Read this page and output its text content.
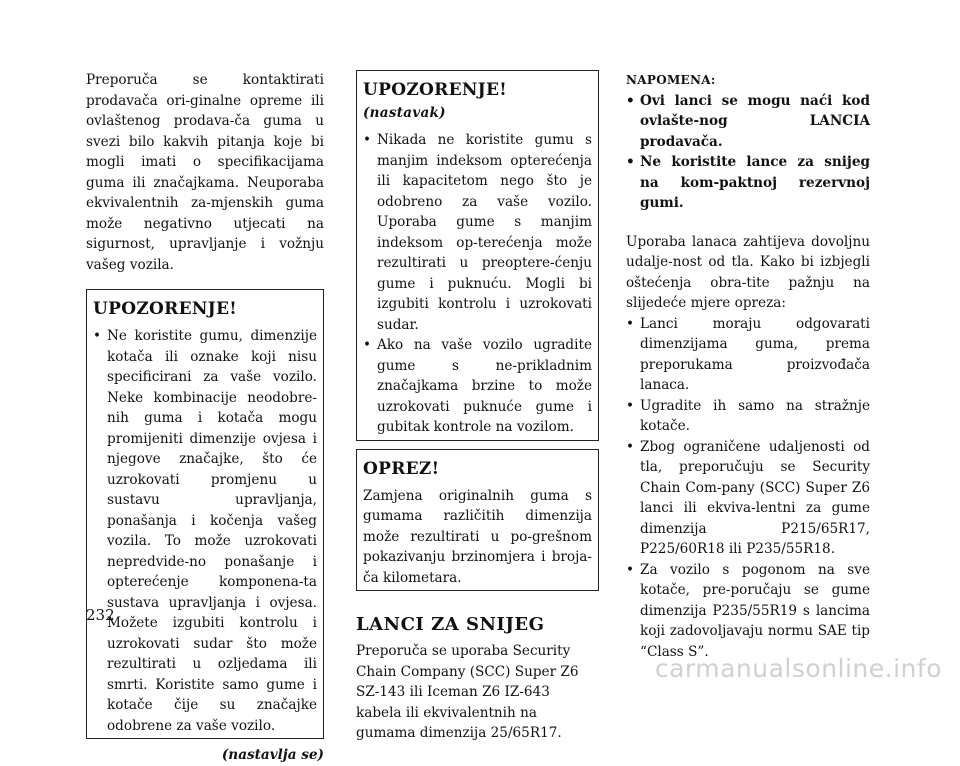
Preporuča se kontaktirati prodavača ori-ginalne opreme ili ovlaštenog prodava-ča guma u svezi bilo kakvih pitanja koje bi mogli imati o specifikacijama guma ili značajkama. Neuporaba ekvivalentnih za-mjenskih guma može negativno utjecati na sigurnost, upravljanje i vožnju vašeg vozila.

UPOZORENJE!
• Ne koristite gumu, dimenzije kotača ili oznake koji nisu specificirani za vaše vozilo. Neke kombinacije neodobre-nih guma i kotača mogu promijeniti dimenzije ovjesa i njegove značajke, što će uzrokovati promjenu u sustavu upravljanja, ponašanja i kočenja vašeg vozila. To može uzrokovati nepredvide-no ponašanje i opterećenje komponena-ta sustava upravljanja i ovjesa. Možete izgubiti kontrolu i uzrokovati sudar što može rezultirati u ozljedama ili smrti. Koristite samo gume i kotače čije su značajke odobrene za vaše vozilo.
(nastavlja se)
UPOZORENJE! (nastavak)
• Nikada ne koristite gumu s manjim indeksom opterećenja ili kapacitetom nego što je odobreno za vaše vozilo. Uporaba gume s manjim indeksom op-terećenja može rezultirati u preoptere-ćenju gume i puknuću. Mogli bi izgubiti kontrolu i uzrokovati sudar.
• Ako na vaše vozilo ugradite gume s ne-prikladnim značajkama brzine to može uzrokovati puknuće gume i gubitak kontrole na vozilom.
OPREZ!

Zamjena originalnih guma s gumama različitih dimenzija može rezultirati u po-grešnom pokazivanju brzinomjera i broja-ča kilometara.

LANCI ZA SNIJEG

Preporuča se uporaba Security Chain Company (SCC) Super Z6 SZ-143 ili Iceman Z6 IZ-643 kabela ili ekvivalentnih na gumama dimenzija 25/65R17.

NAPOMENA:
• Ovi lanci se mogu naći kod ovlašte-nog LANCIA prodavača.
• Ne koristite lance za snijeg na kom-paktnoj rezervnoj gumi.

Uporaba lanaca zahtijeva dovoljnu udalje-nost od tla. Kako bi izbjegli oštećenja obra-tite pažnju na slijedeće mjere opreza:

• Lanci moraju odgovarati dimenzijama guma, prema preporukama proizvođača lanaca.
• Ugradite ih samo na stražnje kotače.
• Zbog ograničene udaljenosti od tla, preporučuju se Security Chain Com-pany (SCC) Super Z6 lanci ili ekviva-lentni za gume dimenzija P215/65R17, P225/60R18 ili P235/55R18.
• Za vozilo s pogonom na sve kotače, pre-poručaju se gume dimenzija P235/55R19 s lancima koji zadovoljavaju normu SAE tip “Class S”.
232
carmanualsonline.info
